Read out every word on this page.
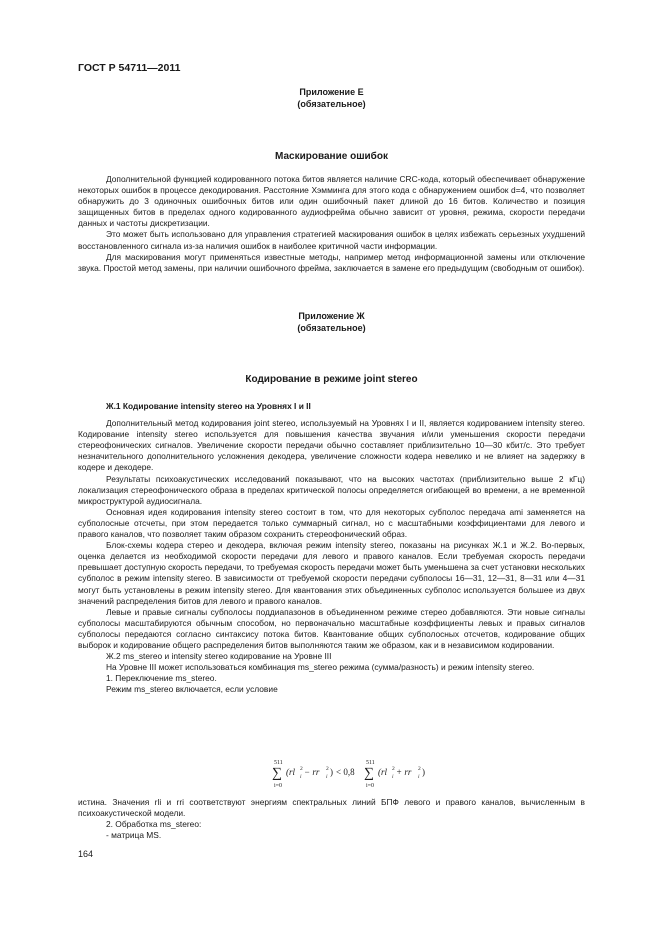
ГОСТ Р 54711—2011
Приложение Е
(обязательное)
Маскирование ошибок

Дополнительной функцией кодированного потока битов является наличие CRC-кода, который обеспечивает обнаружение некоторых ошибок в процессе декодирования. Расстояние Хэмминга для этого кода с обнаружением ошибок d=4, что позволяет обнаружить до 3 одиночных ошибочных битов или один ошибочный пакет длиной до 16 битов. Количество и позиция защищенных битов в пределах одного кодированного аудиофрейма обычно зависит от уровня, режима, скорости передачи данных и частоты дискретизации.

Это может быть использовано для управления стратегией маскирования ошибок в целях избежать серьезных ухудшений восстановленного сигнала из-за наличия ошибок в наиболее критичной части информации.

Для маскирования могут применяться известные методы, например метод информационной замены или отключение звука. Простой метод замены, при наличии ошибочного фрейма, заключается в замене его предыдущим (свободным от ошибок).

Приложение Ж
(обязательное)
Кодирование в режиме joint stereo

Ж.1 Кодирование intensity stereo на Уровнях I и II

Дополнительный метод кодирования joint stereo, используемый на Уровнях I и II, является кодированием intensity stereo. Кодирование intensity stereo используется для повышения качества звучания и/или уменьшения скорости передачи стереофонических сигналов. Увеличение скорости передачи обычно составляет приблизительно 10—30 кбит/с. Это требует незначительного дополнительного усложнения декодера, увеличение сложности кодера невелико и не влияет на задержку в кодере и декодере.

Результаты психоакустических исследований показывают, что на высоких частотах (приблизительно выше 2 кГц) локализация стереофонического образа в пределах критической полосы определяется огибающей во времени, а не временной микроструктурой аудиосигнала.

Основная идея кодирования intensity stereo состоит в том, что для некоторых субполос передача ami заменяется на субполосные отсчеты, при этом передается только суммарный сигнал, но с масштабными коэффициентами для левого и правого каналов, что позволяет таким образом сохранить стереофонический образ.

Блок-схемы кодера стерео и декодера, включая режим intensity stereo, показаны на рисунках Ж.1 и Ж.2. Во-первых, оценка делается из необходимой скорости передачи для левого и правого каналов. Если требуемая скорость передачи превышает доступную скорость передачи, то требуемая скорость передачи может быть уменьшена за счет установки нескольких субполос в режим intensity stereo. В зависимости от требуемой скорости передачи субполосы 16—31, 12—31, 8—31 или 4—31 могут быть установлены в режим intensity stereo. Для квантования этих объединенных субполос используется большее из двух значений распределения битов для левого и правого каналов.

Левые и правые сигналы субполосы поддиапазонов в объединенном режиме стерео добавляются. Эти новые сигналы субполосы масштабируются обычным способом, но первоначально масштабные коэффициенты левых и правых сигналов субполосы передаются согласно синтаксису потока битов. Квантование общих субполосных отсчетов, кодирование общих выборок и кодирование общего распределения битов выполняются таким же образом, как и в независимом кодировании.

Ж.2 ms_stereo и intensity stereo кодирование на Уровне III

На Уровне III может использоваться комбинация ms_stereo режима (сумма/разность) и режим intensity stereo.

1. Переключение ms_stereo.

Режим ms_stereo включается, если условие

511
∑
i=0
(rl i
2 − rr i
2 ) < 0,8
511
∑
i=0
(rl i
2 + rr i
2 )

истина. Значения rli и rri соответствуют энергиям спектральных линий БПФ левого и правого каналов, вычисленным в психоакустической модели.

2. Обработка ms_stereo:

- матрица MS.

164
